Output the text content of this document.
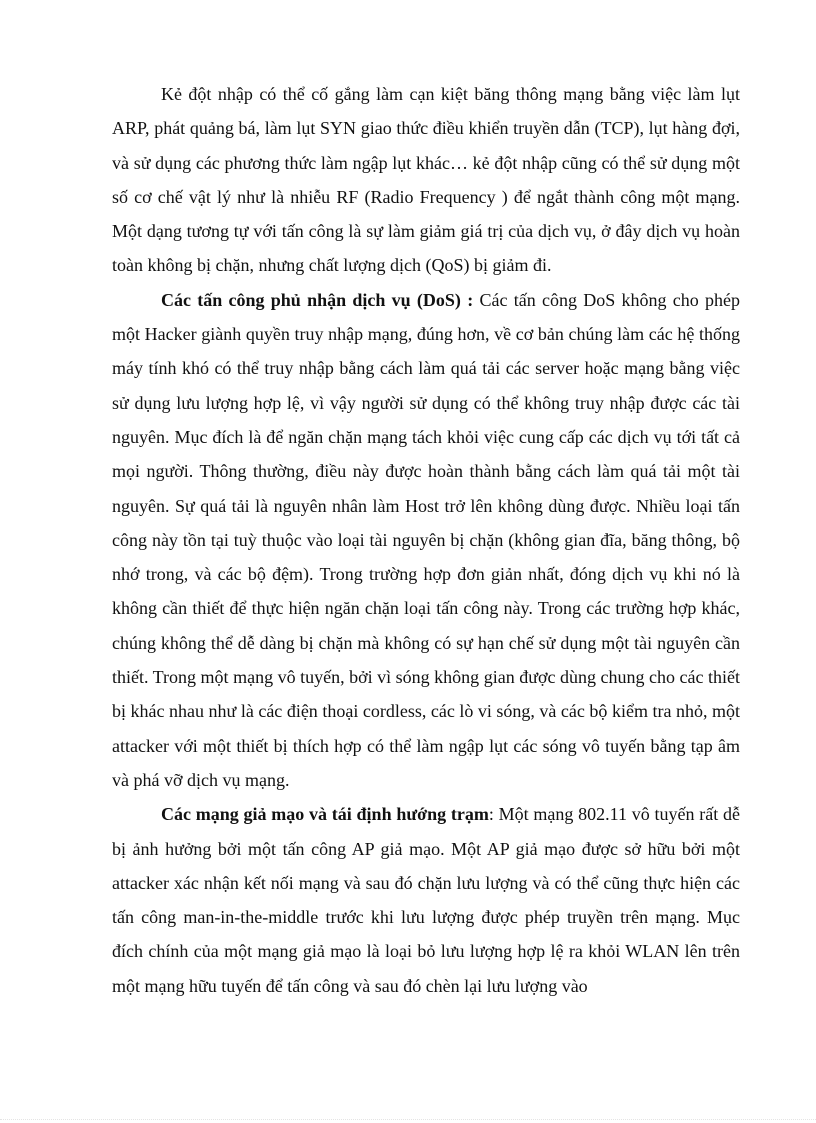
Kẻ đột nhập có thể cố gắng làm cạn kiệt băng thông mạng bằng việc làm lụt ARP, phát quảng bá, làm lụt SYN giao thức điều khiển truyền dẫn (TCP), lụt hàng đợi, và sử dụng các phương thức làm ngập lụt khác… kẻ đột nhập cũng có thể sử dụng một số cơ chế vật lý như là nhiễu RF (Radio Frequency ) để ngắt thành công một mạng. Một dạng tương tự với tấn công là sự làm giảm giá trị của dịch vụ, ở đây dịch vụ hoàn toàn không bị chặn, nhưng chất lượng dịch (QoS) bị giảm đi.

Các tấn công phủ nhận dịch vụ (DoS) : Các tấn công DoS không cho phép một Hacker giành quyền truy nhập mạng, đúng hơn, về cơ bản chúng làm các hệ thống máy tính khó có thể truy nhập bằng cách làm quá tải các server hoặc mạng bằng việc sử dụng lưu lượng hợp lệ, vì vậy người sử dụng có thể không truy nhập được các tài nguyên. Mục đích là để ngăn chặn mạng tách khỏi việc cung cấp các dịch vụ tới tất cả mọi người. Thông thường, điều này được hoàn thành bằng cách làm quá tải một tài nguyên. Sự quá tải là nguyên nhân làm Host trở lên không dùng được. Nhiều loại tấn công này tồn tại tuỳ thuộc vào loại tài nguyên bị chặn (không gian đĩa, băng thông, bộ nhớ trong, và các bộ đệm). Trong trường hợp đơn giản nhất, đóng dịch vụ khi nó là không cần thiết để thực hiện ngăn chặn loại tấn công này. Trong các trường hợp khác, chúng không thể dễ dàng bị chặn mà không có sự hạn chế sử dụng một tài nguyên cần thiết. Trong một mạng vô tuyến, bởi vì sóng không gian được dùng chung cho các thiết bị khác nhau như là các điện thoại cordless, các lò vi sóng, và các bộ kiểm tra nhỏ, một attacker với một thiết bị thích hợp có thể làm ngập lụt các sóng vô tuyến bằng tạp âm và phá vỡ dịch vụ mạng.

Các mạng giả mạo và tái định hướng trạm: Một mạng 802.11 vô tuyến rất dễ bị ảnh hưởng bởi một tấn công AP giả mạo. Một AP giả mạo được sở hữu bởi một attacker xác nhận kết nối mạng và sau đó chặn lưu lượng và có thể cũng thực hiện các tấn công man-in-the-middle trước khi lưu lượng được phép truyền trên mạng. Mục đích chính của một mạng giả mạo là loại bỏ lưu lượng hợp lệ ra khỏi WLAN lên trên một mạng hữu tuyến để tấn công và sau đó chèn lại lưu lượng vào
